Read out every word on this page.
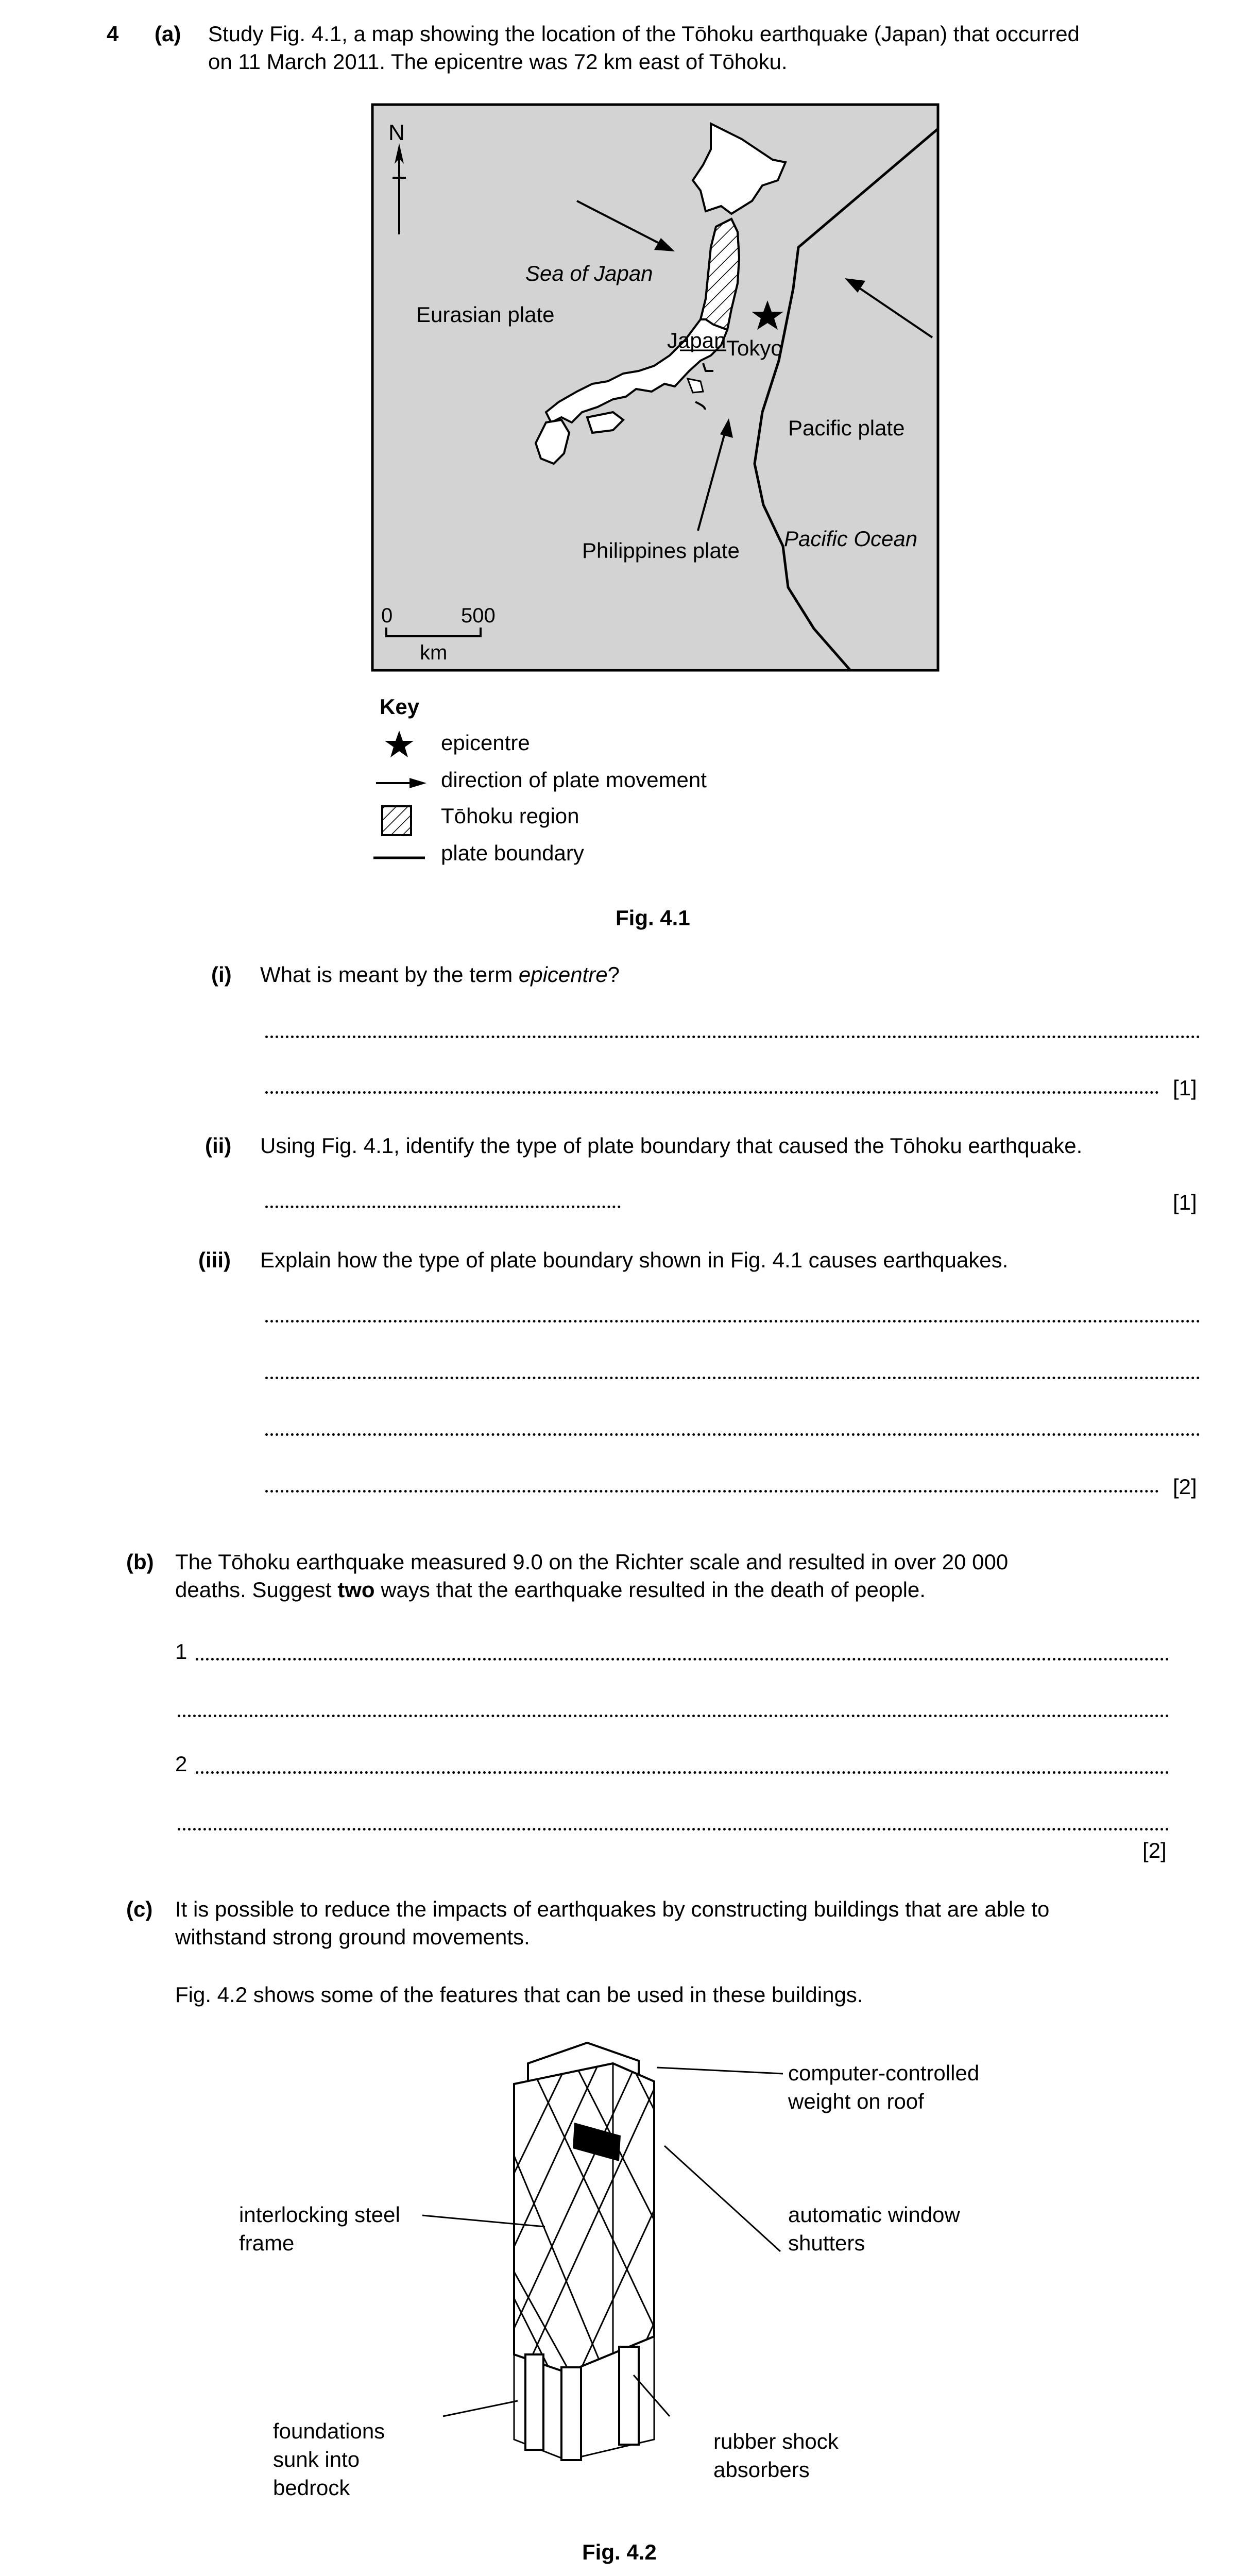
4 (a) Study Fig. 4.1, a map showing the location of the Tōhoku earthquake (Japan) that occurred
on 11 March 2011. The epicentre was 72 km east of Tōhoku.
N
Sea of Japan
Eurasian plate
Japan Tokyo
Pacific plate
Pacific Ocean
Philippines plate
0	500
km
Key
epicentre
direction of plate movement
Tōhoku region
plate boundary
Fig. 4.1
(i) What is meant by the term epicentre?
[1]
(ii) Using Fig. 4.1, identify the type of plate boundary that caused the Tōhoku earthquake.
[1]
(iii) Explain how the type of plate boundary shown in Fig. 4.1 causes earthquakes.
[2]
(b) The Tōhoku earthquake measured 9.0 on the Richter scale and resulted in over 20 000
deaths. Suggest two ways that the earthquake resulted in the death of people.
1
2
[2]
(c) It is possible to reduce the impacts of earthquakes by constructing buildings that are able to
withstand strong ground movements.
Fig. 4.2 shows some of the features that can be used in these buildings.
computer-controlled
weight on roof
automatic window
shutters
interlocking steel
frame
foundations
sunk into
bedrock
rubber shock
absorbers
Fig. 4.2
